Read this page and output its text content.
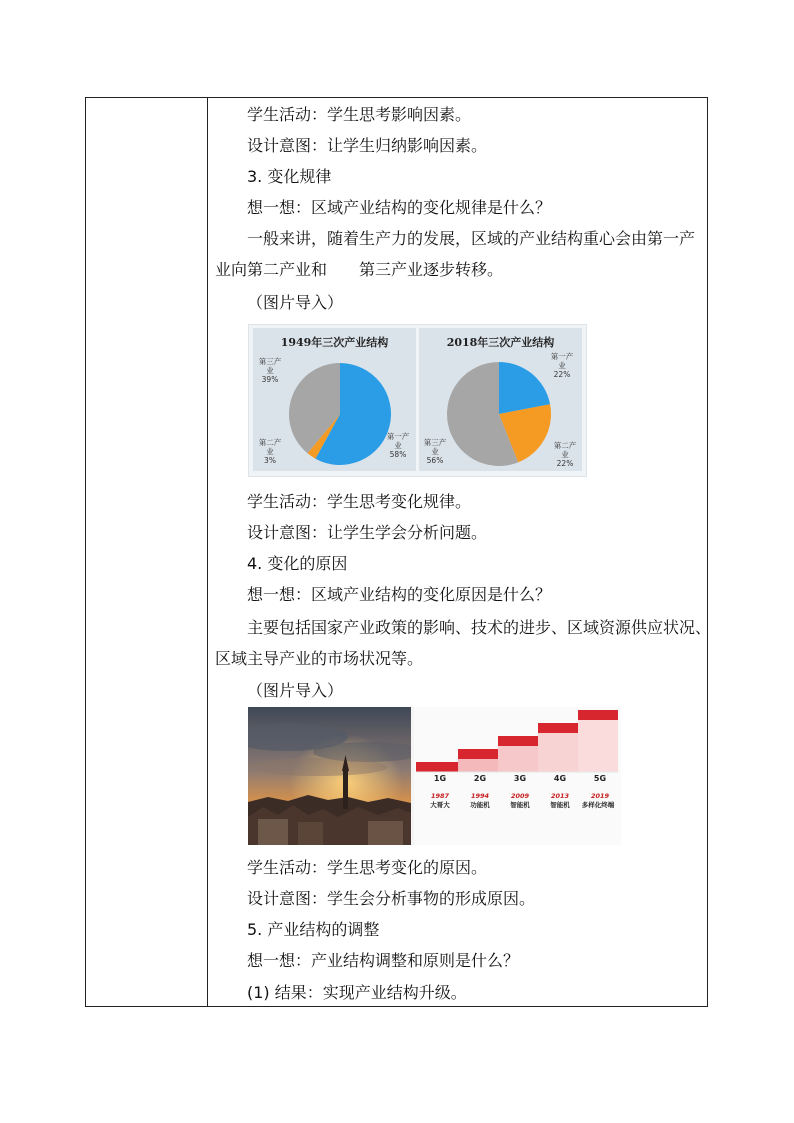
学生活动：学生思考影响因素。
设计意图：让学生归纳影响因素。
3. 变化规律
想一想：区域产业结构的变化规律是什么？
一般来讲，随着生产力的发展，区域的产业结构重心会由第一产
业向第二产业和　　第三产业逐步转移。
（图片导入）
1949年三次产业结构
第三产
业
39%
第二产
业
3%
第一产
业
58%
2018年三次产业结构
第一产
业
22%
第二产
业
22%
第三产
业
56%
学生活动：学生思考变化规律。
设计意图：让学生学会分析问题。
4. 变化的原因
想一想：区域产业结构的变化原因是什么？
主要包括国家产业政策的影响、技术的进步、区域资源供应状况、
区域主导产业的市场状况等。
（图片导入）
1G	2G	3G	4G	5G
1987	1994	2009	2013	2019
大哥大	功能机	智能机	智能机	多样化终端
学生活动：学生思考变化的原因。
设计意图：学生会分析事物的形成原因。
5. 产业结构的调整
想一想：产业结构调整和原则是什么？
(1) 结果：实现产业结构升级。
